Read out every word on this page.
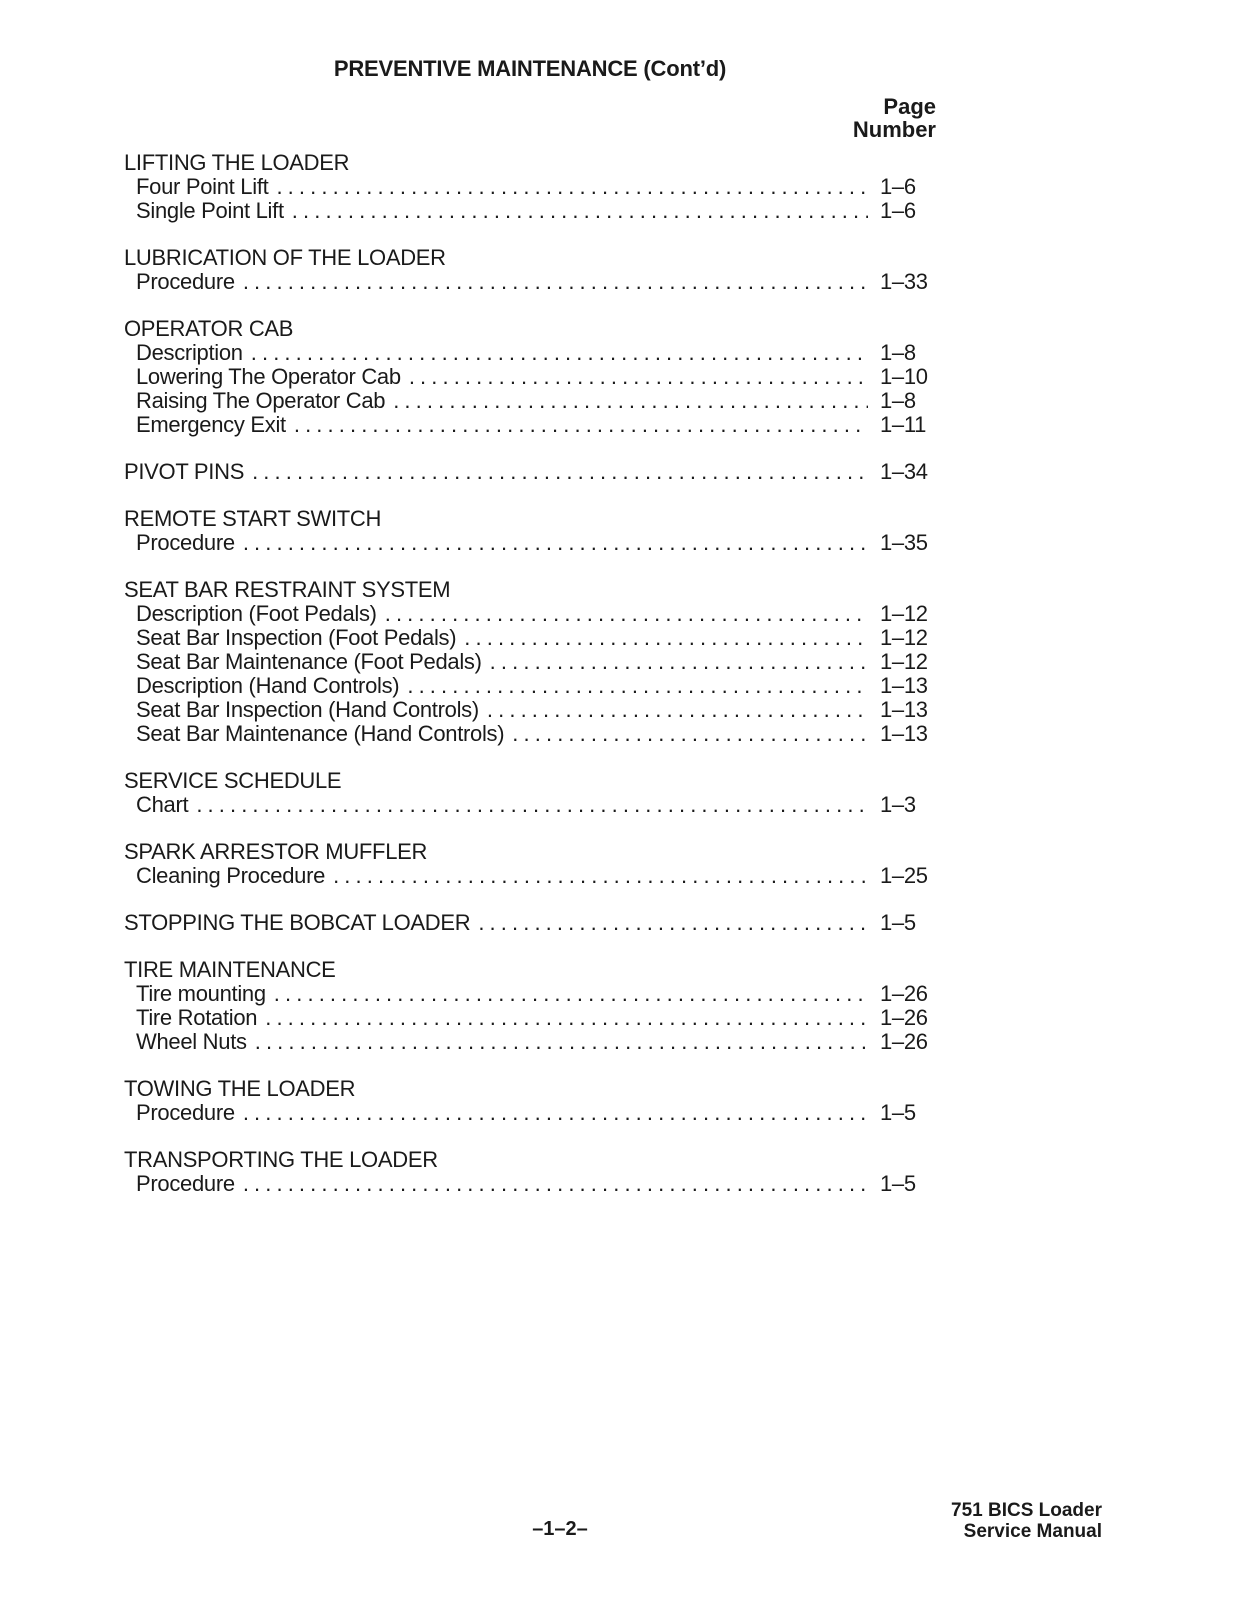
PREVENTIVE MAINTENANCE (Cont’d)
Page
Number
LIFTING THE LOADER
Four Point Lift . . .	1–6
Single Point Lift . . .	1–6
LUBRICATION OF THE LOADER
Procedure . . .	1–33
OPERATOR CAB
Description . . .	1–8
Lowering The Operator Cab . . .	1–10
Raising The Operator Cab . . .	1–8
Emergency Exit . . .	1–11
PIVOT PINS . . .	1–34
REMOTE START SWITCH
Procedure . . .	1–35
SEAT BAR RESTRAINT SYSTEM
Description (Foot Pedals) . . .	1–12
Seat Bar Inspection (Foot Pedals) . . .	1–12
Seat Bar Maintenance (Foot Pedals) . . .	1–12
Description (Hand Controls) . . .	1–13
Seat Bar Inspection (Hand Controls) . . .	1–13
Seat Bar Maintenance (Hand Controls) . . .	1–13
SERVICE SCHEDULE
Chart . . .	1–3
SPARK ARRESTOR MUFFLER
Cleaning Procedure . . .	1–25
STOPPING THE BOBCAT LOADER . . .	1–5
TIRE MAINTENANCE
Tire mounting . . .	1–26
Tire Rotation . . .	1–26
Wheel Nuts . . .	1–26
TOWING THE LOADER
Procedure . . .	1–5
TRANSPORTING THE LOADER
Procedure . . .	1–5
–1–2–
751 BICS Loader
Service Manual
